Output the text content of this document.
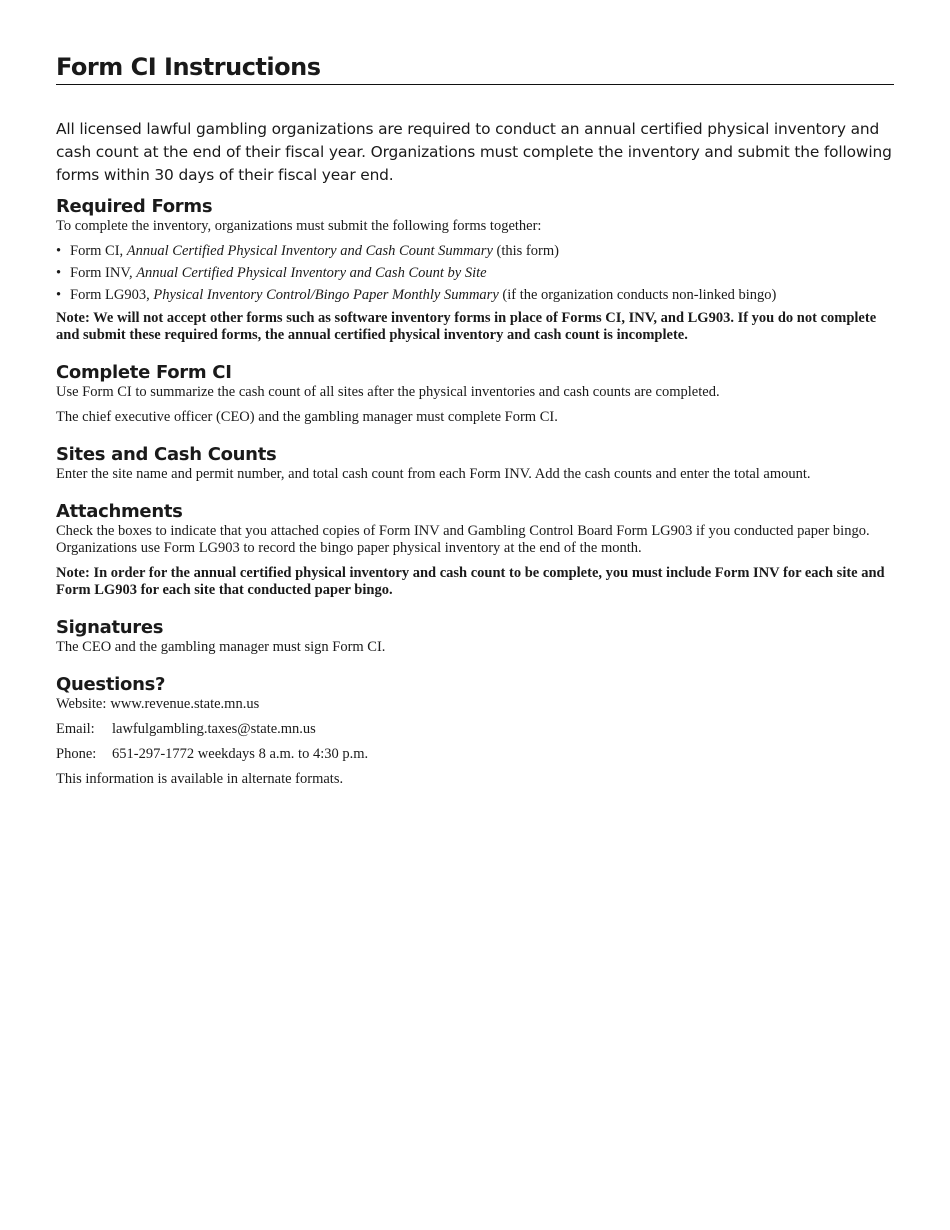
Form CI Instructions

All licensed lawful gambling organizations are required to conduct an annual certified physical inventory and cash count at the end of their fiscal year. Organizations must complete the inventory and submit the following forms within 30 days of their fiscal year end.

Required Forms

To complete the inventory, organizations must submit the following forms together:

• Form CI, Annual Certified Physical Inventory and Cash Count Summary (this form)
• Form INV, Annual Certified Physical Inventory and Cash Count by Site
• Form LG903, Physical Inventory Control/Bingo Paper Monthly Summary (if the organization conducts non-linked bingo)

Note: We will not accept other forms such as software inventory forms in place of Forms CI, INV, and LG903. If you do not complete and submit these required forms, the annual certified physical inventory and cash count is incomplete.

Complete Form CI

Use Form CI to summarize the cash count of all sites after the physical inventories and cash counts are completed.

The chief executive officer (CEO) and the gambling manager must complete Form CI.

Sites and Cash Counts

Enter the site name and permit number, and total cash count from each Form INV. Add the cash counts and enter the total amount.

Attachments

Check the boxes to indicate that you attached copies of Form INV and Gambling Control Board Form LG903 if you conducted paper bingo. Organizations use Form LG903 to record the bingo paper physical inventory at the end of the month.

Note: In order for the annual certified physical inventory and cash count to be complete, you must include Form INV for each site and Form LG903 for each site that conducted paper bingo.

Signatures

The CEO and the gambling manager must sign Form CI.

Questions?
Website: www.revenue.state.mn.us
Email:	lawfulgambling.taxes@state.mn.us
Phone:	651-297-1772 weekdays 8 a.m. to 4:30 p.m.

This information is available in alternate formats.
